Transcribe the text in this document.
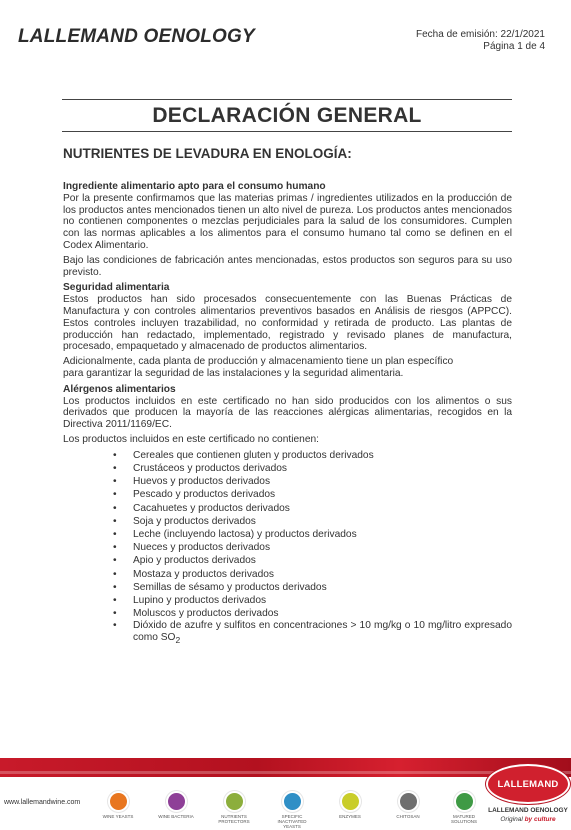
LALLEMAND OENOLOGY	Fecha de emisión: 22/1/2021
Página 1 de 4
DECLARACIÓN GENERAL
NUTRIENTES DE LEVADURA EN ENOLOGÍA:
Ingrediente alimentario apto para el consumo humano

Por la presente confirmamos que las materias primas / ingredientes utilizados en la producción de los productos antes mencionados tienen un alto nivel de pureza. Los productos antes mencionados no contienen componentes o mezclas perjudiciales para la salud de los consumidores. Cumplen con las normas aplicables a los alimentos para el consumo humano tal como se definen en el Codex Alimentario.

Bajo las condiciones de fabricación antes mencionadas, estos productos son seguros para su uso previsto.

Seguridad alimentaria

Estos productos han sido procesados consecuentemente con las Buenas Prácticas de Manufactura y con controles alimentarios preventivos basados en Análisis de riesgos (APPCC). Estos controles incluyen trazabilidad, no conformidad y retirada de producto. Las plantas de producción han redactado, implementado, registrado y revisado planes de manufactura, procesado, empaquetado y almacenado de productos alimentarios.

Adicionalmente, cada planta de producción y almacenamiento tiene un plan específico
para garantizar la seguridad de las instalaciones y la seguridad alimentaria.

Alérgenos alimentarios

Los productos incluidos en este certificado no han sido producidos con los alimentos o sus derivados que producen la mayoría de las reacciones alérgicas alimentarias, recogidos en la Directiva 2011/1169/EC.

Los productos incluidos en este certificado no contienen:

• Cereales que contienen gluten y productos derivados
• Crustáceos y productos derivados
• Huevos y productos derivados
• Pescado y productos derivados
• Cacahuetes y productos derivados
• Soja y productos derivados
• Leche (incluyendo lactosa) y productos derivados
• Nueces y productos derivados
• Apio y productos derivados
• Mostaza y productos derivados
• Semillas de sésamo y productos derivados
• Lupino y productos derivados
• Moluscos y productos derivados
• Dióxido de azufre y sulfitos en concentraciones > 10 mg/kg o 10 mg/litro expresado como $SO_2$
www.lallemandwine.com
WINE YEASTS	WINE BACTERIA	NUTRIENTS PROTECTORS
SPECIFIC INACTIVATED YEASTS
ENZYMES	CHITOSAN	MATURED SOLUTIONS
LALLEMAND
LALLEMAND OENOLOGY
Original by culture
